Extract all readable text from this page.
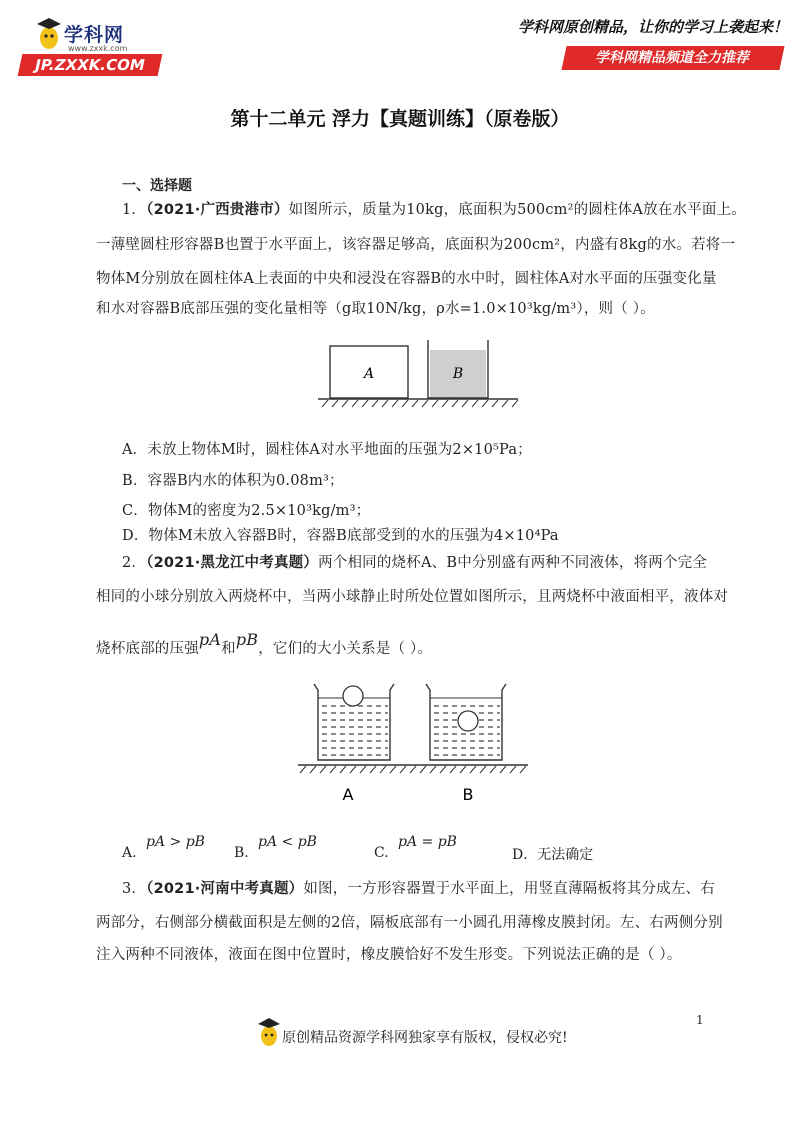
学科网
www.zxxk.com
JP.ZXXK.COM
学科网原创精品，让你的学习上袭起来！
学科网精品频道全力推荐
第十二单元 浮力【真题训练】（原卷版）
一、选择题
1．（2021·广西贵港市）如图所示，质量为10kg，底面积为500cm²的圆柱体A放在水平面上。
一薄壁圆柱形容器B也置于水平面上，该容器足够高，底面积为200cm²，内盛有8kg的水。若将一
物体M分别放在圆柱体A上表面的中央和浸没在容器B的水中时，圆柱体A对水平面的压强变化量
和水对容器B底部压强的变化量相等（g取10N/kg，ρ水=1.0×10³kg/m³），则（ ）。
A	B
A．未放上物体M时，圆柱体A对水平地面的压强为2×10⁵Pa；
B．容器B内水的体积为0.08m³；
C．物体M的密度为2.5×10³kg/m³；
D．物体M未放入容器B时，容器B底部受到的水的压强为4×10⁴Pa
2．（2021·黑龙江中考真题）两个相同的烧杯A、B中分别盛有两种不同液体，将两个完全
相同的小球分别放入两烧杯中，当两小球静止时所处位置如图所示，且两烧杯中液面相平，液体对
烧杯底部的压强pA和pB，它们的大小关系是（ ）。
A	B
A.
pA > pB
B.
pA < pB
C.
pA = pB
D．无法确定
3．（2021·河南中考真题）如图，一方形容器置于水平面上，用竖直薄隔板将其分成左、右
两部分，右侧部分横截面积是左侧的2倍，隔板底部有一小圆孔用薄橡皮膜封闭。左、右两侧分别
注入两种不同液体，液面在图中位置时，橡皮膜恰好不发生形变。下列说法正确的是（ ）。
1
原创精品资源学科网独家享有版权，侵权必究!
